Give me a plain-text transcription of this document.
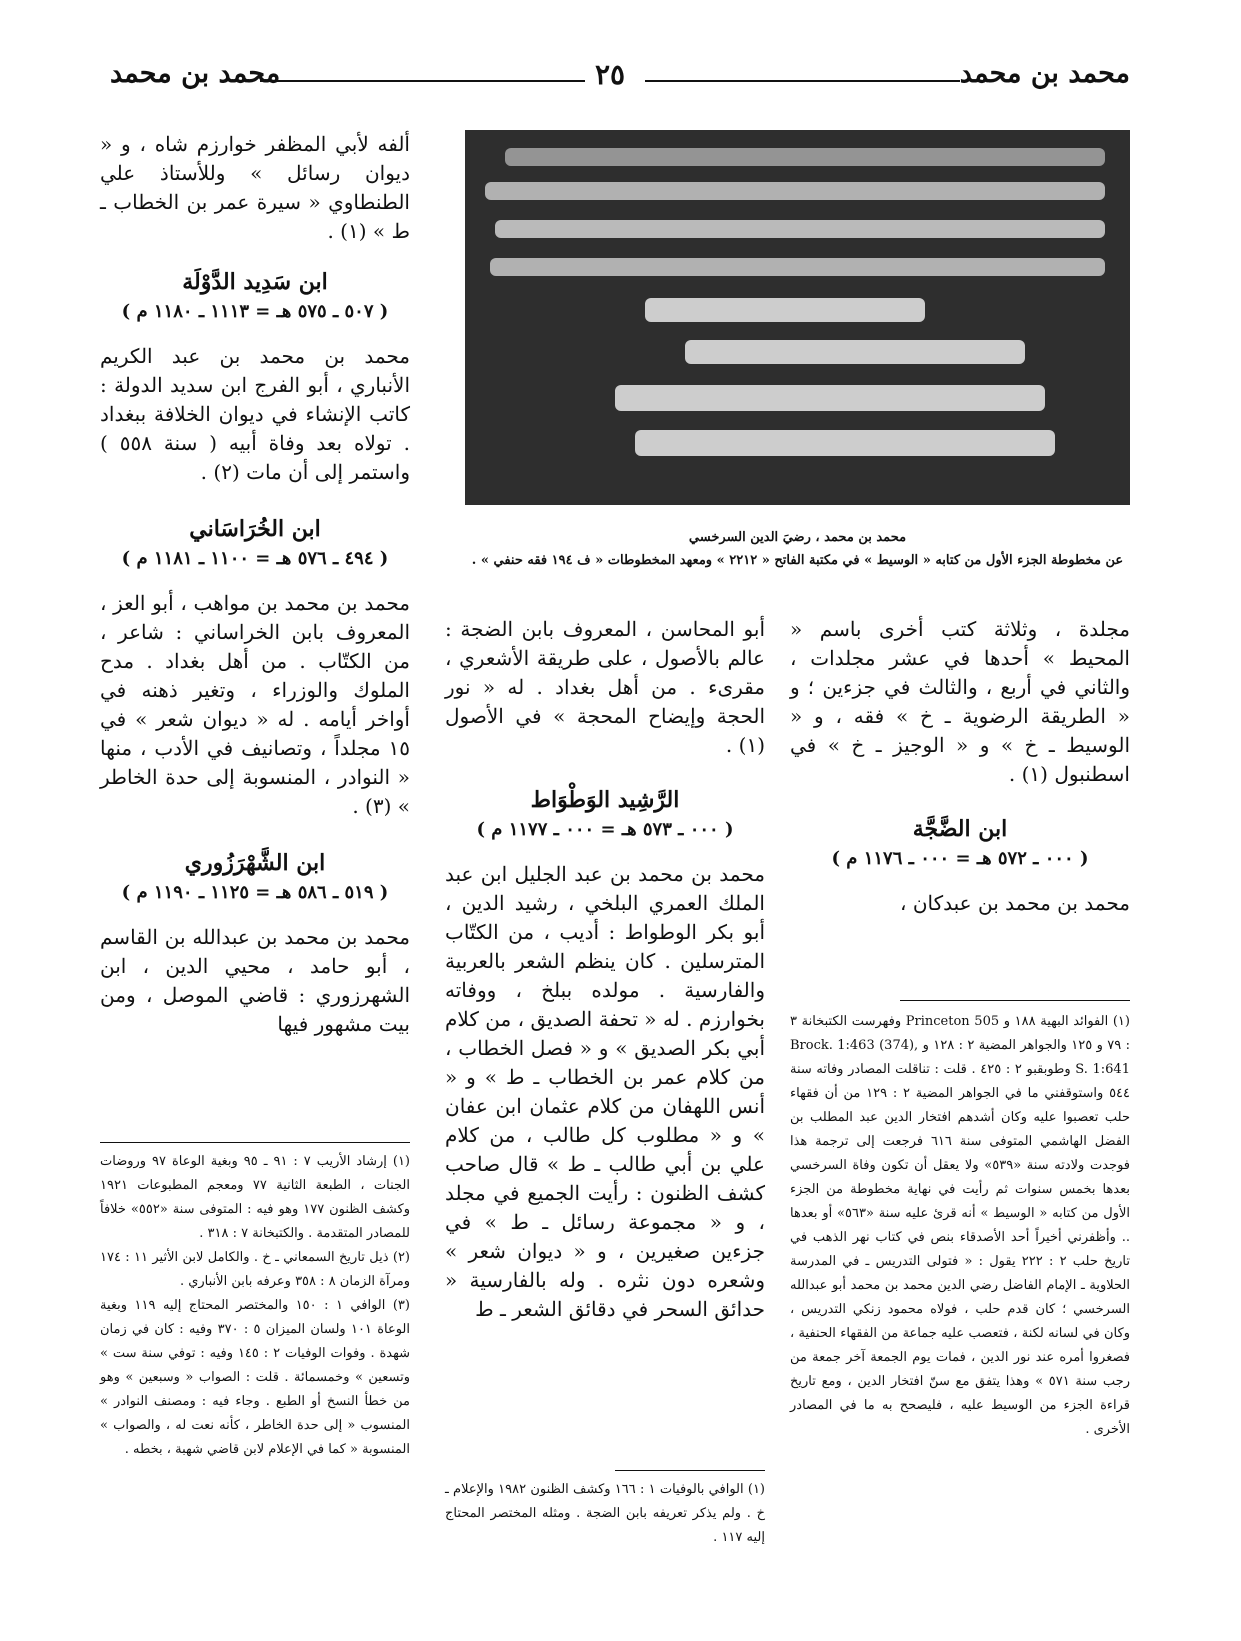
محمد بن محمد	٢٥	محمد بن محمد
محمد بن محمد ، رضيَ الدين السرخسي
عن مخطوطة الجزء الأول من كتابه « الوسيط » في مكتبة الفاتح « ٢٢١٢ » ومعهد المخطوطات « ف ١٩٤ فقه حنفي » .

ألفه لأبي المظفر خوارزم شاه ، و « ديوان رسائل » وللأستاذ علي الطنطاوي « سيرة عمر بن الخطاب ـ ط » (١) .

ابن سَدِيد الدَّوْلَة

( ٥٠٧ ـ ٥٧٥ هـ = ١١١٣ ـ ١١٨٠ م )

محمد بن محمد بن عبد الكريم الأنباري ، أبو الفرج ابن سديد الدولة : كاتب الإنشاء في ديوان الخلافة ببغداد . تولاه بعد وفاة أبيه ( سنة ٥٥٨ ) واستمر إلى أن مات (٢) .

ابن الخُرَاسَاني

( ٤٩٤ ـ ٥٧٦ هـ = ١١٠٠ ـ ١١٨١ م )

محمد بن محمد بن مواهب ، أبو العز ، المعروف بابن الخراساني : شاعر ، من الكتّاب . من أهل بغداد . مدح الملوك والوزراء ، وتغير ذهنه في أواخر أيامه . له « ديوان شعر » في ١٥ مجلداً ، وتصانيف في الأدب ، منها « النوادر ، المنسوبة إلى حدة الخاطر » (٣) .

ابن الشَّهْرَزُوري

( ٥١٩ ـ ٥٨٦ هـ = ١١٢٥ ـ ١١٩٠ م )

محمد بن محمد بن عبدالله بن القاسم ، أبو حامد ، محيي الدين ، ابن الشهرزوري : قاضي الموصل ، ومن بيت مشهور فيها

(١) إرشاد الأريب ٧ : ٩١ ـ ٩٥ وبغية الوعاة ٩٧ وروضات الجنات ، الطبعة الثانية ٧٧ ومعجم المطبوعات ١٩٢١ وكشف الظنون ١٧٧ وهو فيه : المتوفى سنة «٥٥٢» خلافاً للمصادر المتقدمة . والكتبخانة ٧ : ٣١٨ .

(٢) ذيل تاريخ السمعاني ـ خ . والكامل لابن الأثير ١١ : ١٧٤ ومرآة الزمان ٨ : ٣٥٨ وعرفه بابن الأنباري .

(٣) الوافي ١ : ١٥٠ والمختصر المحتاج إليه ١١٩ وبغية الوعاة ١٠١ ولسان الميزان ٥ : ٣٧٠ وفيه : كان في زمان شهدة . وفوات الوفيات ٢ : ١٤٥ وفيه : توفي سنة ست » وتسعين » وخمسمائة . قلت : الصواب « وسبعين » وهو من خطأ النسخ أو الطبع . وجاء فيه : ومصنف النوادر » المنسوب « إلى حدة الخاطر ، كأنه نعت له ، والصواب » المنسوبة « كما في الإعلام لابن قاضي شهبة ، بخطه .

أبو المحاسن ، المعروف بابن الضجة : عالم بالأصول ، على طريقة الأشعري ، مقرىء . من أهل بغداد . له « نور الحجة وإيضاح المحجة » في الأصول (١) .

الرَّشِيد الوَطْوَاط

( ٠٠٠ ـ ٥٧٣ هـ = ٠٠٠ ـ ١١٧٧ م )

محمد بن محمد بن عبد الجليل ابن عبد الملك العمري البلخي ، رشيد الدين ، أبو بكر الوطواط : أديب ، من الكتّاب المترسلين . كان ينظم الشعر بالعربية والفارسية . مولده ببلخ ، ووفاته بخوارزم . له « تحفة الصديق ، من كلام أبي بكر الصديق » و « فصل الخطاب ، من كلام عمر بن الخطاب ـ ط » و « أنس اللهفان من كلام عثمان ابن عفان » و « مطلوب كل طالب ، من كلام علي بن أبي طالب ـ ط » قال صاحب كشف الظنون : رأيت الجميع في مجلد ، و « مجموعة رسائل ـ ط » في جزءين صغيرين ، و « ديوان شعر » وشعره دون نثره . وله بالفارسية « حدائق السحر في دقائق الشعر ـ ط

(١) الوافي بالوفيات ١ : ١٦٦ وكشف الظنون ١٩٨٢ والإعلام ـ خ . ولم يذكر تعريفه بابن الضجة . ومثله المختصر المحتاج إليه ١١٧ .

مجلدة ، وثلاثة كتب أخرى باسم « المحيط » أحدها في عشر مجلدات ، والثاني في أربع ، والثالث في جزءين ؛ و « الطريقة الرضوية ـ خ » فقه ، و « الوسيط ـ خ » و « الوجيز ـ خ » في اسطنبول (١) .

ابن الضَّجَّة

( ٠٠٠ ـ ٥٧٢ هـ = ٠٠٠ ـ ١١٧٦ م )

محمد بن محمد بن عبدكان ،

(١) الفوائد البهية ١٨٨ و Princeton 505 وفهرست الكتبخانة ٣ : ٧٩ و ١٢٥ والجواهر المضية ٢ : ١٢٨ و Brock. 1:463 (374), S. 1:641 وطوبقبو ٢ : ٤٢٥ . قلت : تناقلت المصادر وفاته سنة ٥٤٤ واستوقفني ما في الجواهر المضية ٢ : ١٢٩ من أن فقهاء حلب تعصبوا عليه وكان أشدهم افتخار الدين عبد المطلب بن الفضل الهاشمي المتوفى سنة ٦١٦ فرجعت إلى ترجمة هذا فوجدت ولادته سنة «٥٣٩» ولا يعقل أن تكون وفاة السرخسي بعدها بخمس سنوات ثم رأيت في نهاية مخطوطة من الجزء الأول من كتابه « الوسيط » أنه قرئ عليه سنة «٥٦٣» أو بعدها .. وأظفرني أخيراً أحد الأصدقاء بنص في كتاب نهر الذهب في تاريخ حلب ٢ : ٢٢٢ يقول : « فتولى التدريس ـ في المدرسة الحلاوية ـ الإمام الفاضل رضي الدين محمد بن محمد أبو عبدالله السرخسي ؛ كان قدم حلب ، فولاه محمود زنكي التدريس ، وكان في لسانه لكنة ، فتعصب عليه جماعة من الفقهاء الحنفية ، فصغروا أمره عند نور الدين ، فمات يوم الجمعة آخر جمعة من رجب سنة ٥٧١ » وهذا يتفق مع سنّ افتخار الدين ، ومع تاريخ قراءة الجزء من الوسيط عليه ، فليصحح به ما في المصادر الأخرى .
